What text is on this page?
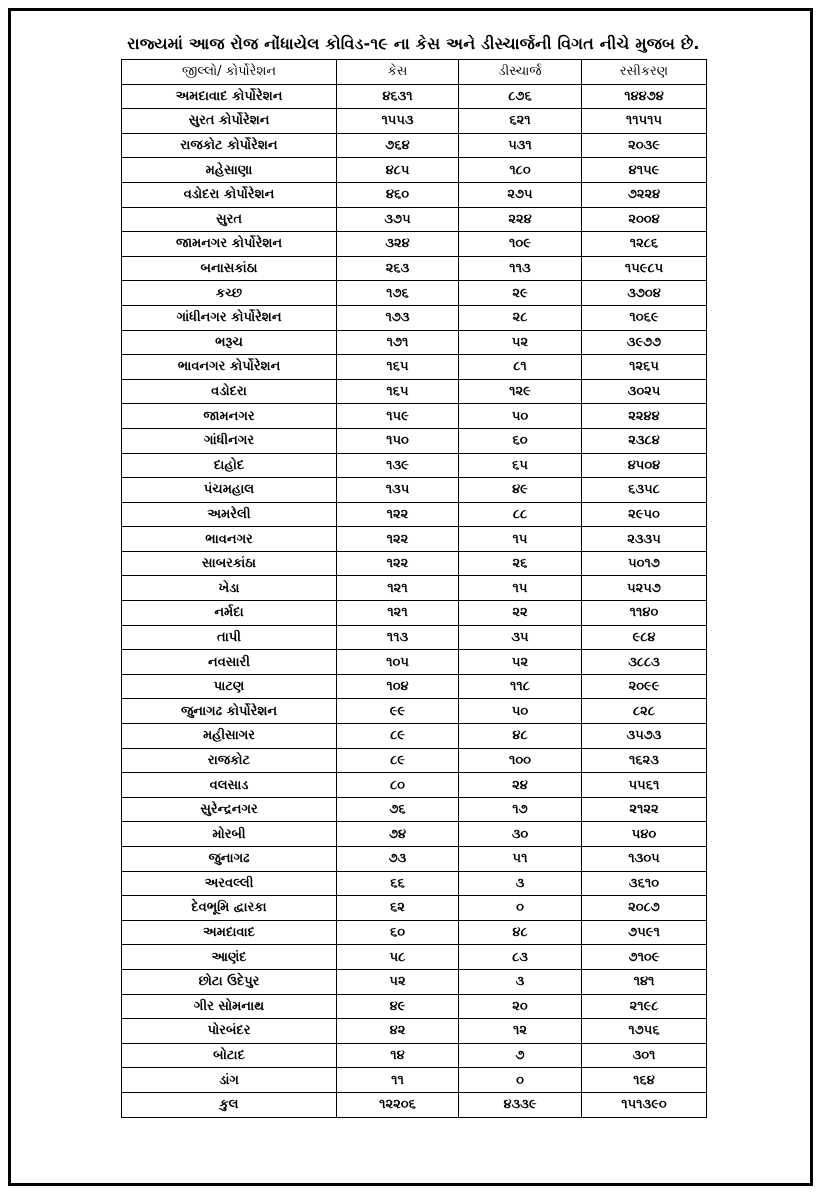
રાજ્યમાં આજ રોજ નોંધાયેલ કોવિડ-૧૯ ના કેસ અને ડીસ્ચાર્જની વિગત નીચે મુજબ છે.
જીલ્લો/ કોર્પોરેશન	કેસ	ડીસ્ચાર્જ	રસીકરણ
અમદાવાદ કોર્પોરેશન	૪૬૩૧	૮૭૬	૧૪૪૭૪
સુરત કોર્પોરેશન	૧૫૫૩	૬૨૧	૧૧૫૧૫
રાજકોટ કોર્પોરેશન	૭૬૪	૫૩૧	૨૦૩૯
મહેસાણા	૪૮૫	૧૮૦	૪૧૫૯
વડોદરા કોર્પોરેશન	૪૬૦	૨૭૫	૭૨૨૪
સુરત	૩૭૫	૨૨૪	૨૦૦૪
જામનગર કોર્પોરેશન	૩૨૪	૧૦૯	૧૨૮૬
બનાસકાંઠા	૨૬૩	૧૧૩	૧૫૯૮૫
કચ્છ	૧૭૬	૨૯	૩૭૦૪
ગાંધીનગર કોર્પોરેશન	૧૭૩	૨૮	૧૦૬૯
ભરૂચ	૧૭૧	૫૨	૩૯૭૭
ભાવનગર કોર્પોરેશન	૧૬૫	૮૧	૧૨૬૫
વડોદરા	૧૬૫	૧૨૯	૩૦૨૫
જામનગર	૧૫૯	૫૦	૨૨૪૪
ગાંધીનગર	૧૫૦	૬૦	૨૩૮૪
દાહોદ	૧૩૯	૬૫	૪૫૦૪
પંચમહાલ	૧૩૫	૪૯	૬૩૫૮
અમરેલી	૧૨૨	૮૮	૨૯૫૦
ભાવનગર	૧૨૨	૧૫	૨૩૩૫
સાબરકાંઠા	૧૨૨	૨૬	૫૦૧૭
ખેડા	૧૨૧	૧૫	૫૨૫૭
નર્મદા	૧૨૧	૨૨	૧૧૪૦
તાપી	૧૧૩	૩૫	૯૮૪
નવસારી	૧૦૫	૫૨	૩૮૮૩
પાટણ	૧૦૪	૧૧૮	૨૦૯૯
જુનાગઢ કોર્પોરેશન	૯૯	૫૦	૮૨૮
મહીસાગર	૮૯	૪૮	૩૫૭૩
રાજકોટ	૮૯	૧૦૦	૧૬૨૩
વલસાડ	૮૦	૨૪	૫૫૬૧
સુરેન્દ્રનગર	૭૬	૧૭	૨૧૨૨
મોરબી	૭૪	૩૦	૫૪૦
જુનાગઢ	૭૩	૫૧	૧૩૦૫
અરવલ્લી	૬૬	૩	૩૬૧૦
દેવભૂમિ દ્વારકા	૬૨	૦	૨૦૮૭
અમદાવાદ	૬૦	૪૮	૭૫૯૧
આણંદ	૫૮	૮૩	૭૧૦૯
છોટા ઉદેપુર	૫૨	૩	૧૪૧
ગીર સોમનાથ	૪૯	૨૦	૨૧૯૮
પોરબંદર	૪૨	૧૨	૧૭૫૬
બોટાદ	૧૪	૭	૩૦૧
ડાંગ	૧૧	૦	૧૬૪
કુલ	૧૨૨૦૬	૪૩૩૯	૧૫૧૩૯૦
